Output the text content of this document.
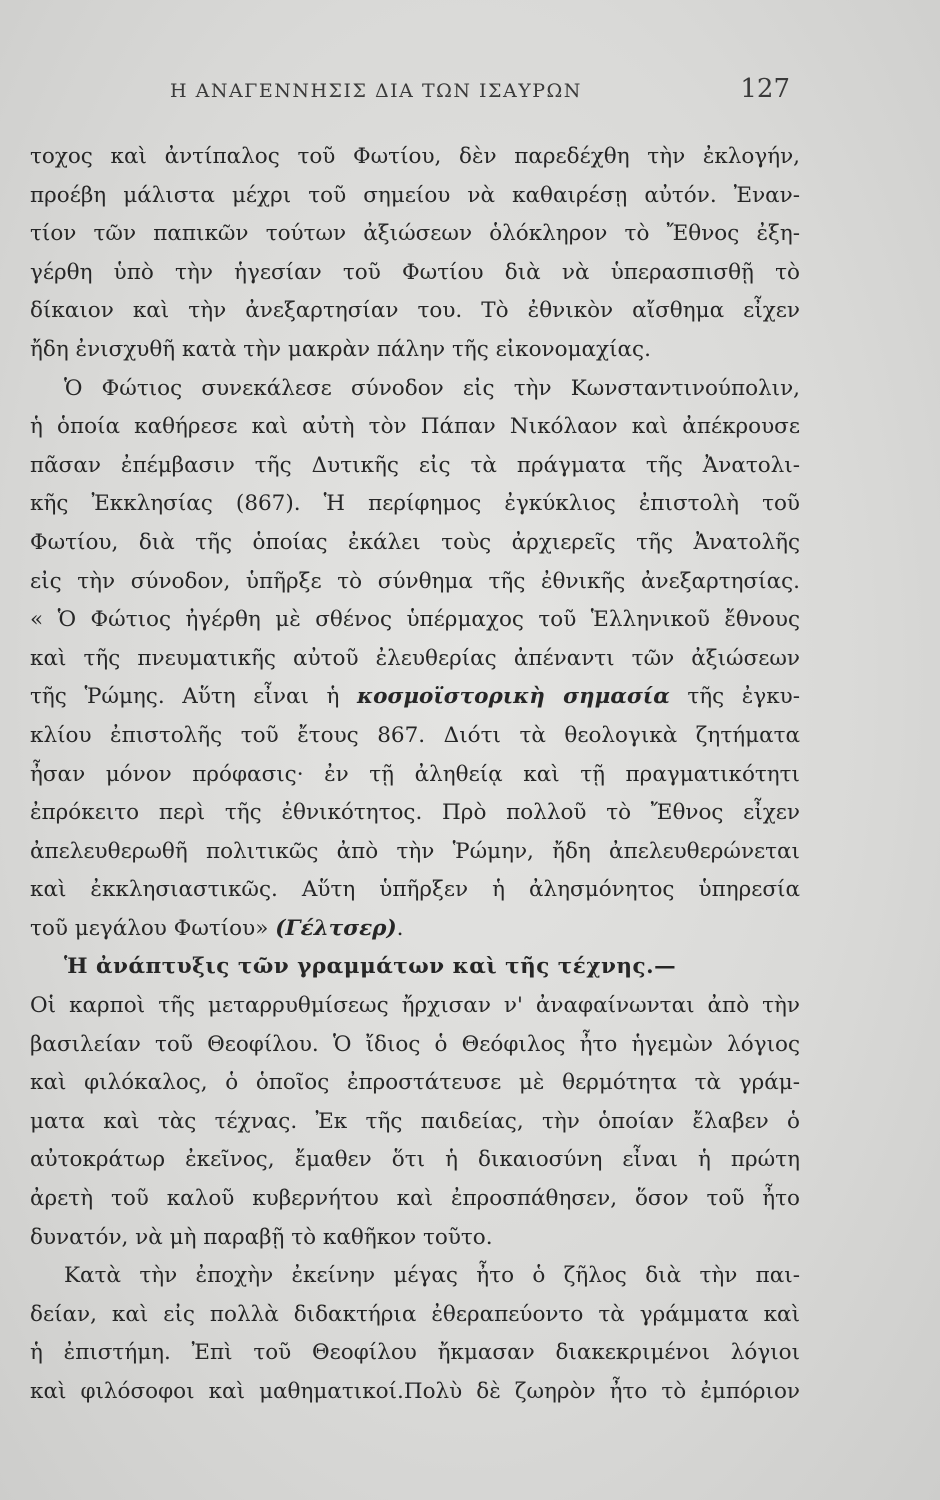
Η ΑΝΑΓΕΝΝΗΣΙΣ ΔΙΑ ΤΩΝ ΙΣΑΥΡΩΝ	127
τοχος καὶ ἀντίπαλος τοῦ Φωτίου, δὲν παρεδέχθη τὴν ἐκλογήν,
προέβη μάλιστα μέχρι τοῦ σημείου νὰ καθαιρέσῃ αὐτόν. Ἐναν-
τίον τῶν παπικῶν τούτων ἀξιώσεων ὁλόκληρον τὸ Ἔθνος ἐξη-
γέρθη ὑπὸ τὴν ἡγεσίαν τοῦ Φωτίου διὰ νὰ ὑπερασπισθῇ τὸ
δίκαιον καὶ τὴν ἀνεξαρτησίαν του. Τὸ ἐθνικὸν αἴσθημα εἶχεν
ἤδη ἐνισχυθῆ κατὰ τὴν μακρὰν πάλην τῆς εἰκονομαχίας.
Ὁ Φώτιος συνεκάλεσε σύνοδον εἰς τὴν Κωνσταντινούπολιν,
ἡ ὁποία καθήρεσε καὶ αὐτὴ τὸν Πάπαν Νικόλαον καὶ ἀπέκρουσε
πᾶσαν ἐπέμβασιν τῆς Δυτικῆς εἰς τὰ πράγματα τῆς Ἀνατολι-
κῆς Ἐκκλησίας (867). Ἡ περίφημος ἐγκύκλιος ἐπιστολὴ τοῦ
Φωτίου, διὰ τῆς ὁποίας ἐκάλει τοὺς ἀρχιερεῖς τῆς Ἀνατολῆς
εἰς τὴν σύνοδον, ὑπῆρξε τὸ σύνθημα τῆς ἐθνικῆς ἀνεξαρτησίας.
« Ὁ Φώτιος ἠγέρθη μὲ σθένος ὑπέρμαχος τοῦ Ἑλληνικοῦ ἔθνους
καὶ τῆς πνευματικῆς αὐτοῦ ἐλευθερίας ἀπέναντι τῶν ἀξιώσεων
τῆς Ῥώμης. Αὕτη εἶναι ἡ κοσμοϊστορικὴ σημασία τῆς ἐγκυ-
κλίου ἐπιστολῆς τοῦ ἔτους 867. Διότι τὰ θεολογικὰ ζητήματα
ἦσαν μόνον πρόφασις· ἐν τῇ ἀληθείᾳ καὶ τῇ πραγματικότητι
ἐπρόκειτο περὶ τῆς ἐθνικότητος. Πρὸ πολλοῦ τὸ Ἔθνος εἶχεν
ἀπελευθερωθῆ πολιτικῶς ἀπὸ τὴν Ῥώμην, ἤδη ἀπελευθερώνεται
καὶ ἐκκλησιαστικῶς. Αὕτη ὑπῆρξεν ἡ ἀλησμόνητος ὑπηρεσία
τοῦ μεγάλου Φωτίου» (Γέλτσερ).
Ἡ ἀνάπτυξις τῶν γραμμάτων καὶ τῆς τέχνης.—
Οἱ καρποὶ τῆς μεταρρυθμίσεως ἤρχισαν ν' ἀναφαίνωνται ἀπὸ τὴν
βασιλείαν τοῦ Θεοφίλου. Ὁ ἴδιος ὁ Θεόφιλος ἦτο ἡγεμὼν λόγιος
καὶ φιλόκαλος, ὁ ὁποῖος ἐπροστάτευσε μὲ θερμότητα τὰ γράμ-
ματα καὶ τὰς τέχνας. Ἐκ τῆς παιδείας, τὴν ὁποίαν ἔλαβεν ὁ
αὐτοκράτωρ ἐκεῖνος, ἔμαθεν ὅτι ἡ δικαιοσύνη εἶναι ἡ πρώτη
ἀρετὴ τοῦ καλοῦ κυβερνήτου καὶ ἐπροσπάθησεν, ὅσον τοῦ ἦτο
δυνατόν, νὰ μὴ παραβῇ τὸ καθῆκον τοῦτο.
Κατὰ τὴν ἐποχὴν ἐκείνην μέγας ἦτο ὁ ζῆλος διὰ τὴν παι-
δείαν, καὶ εἰς πολλὰ διδακτήρια ἐθεραπεύοντο τὰ γράμματα καὶ
ἡ ἐπιστήμη. Ἐπὶ τοῦ Θεοφίλου ἤκμασαν διακεκριμένοι λόγιοι
καὶ φιλόσοφοι καὶ μαθηματικοί.Πολὺ δὲ ζωηρὸν ἦτο τὸ ἐμπόριον
